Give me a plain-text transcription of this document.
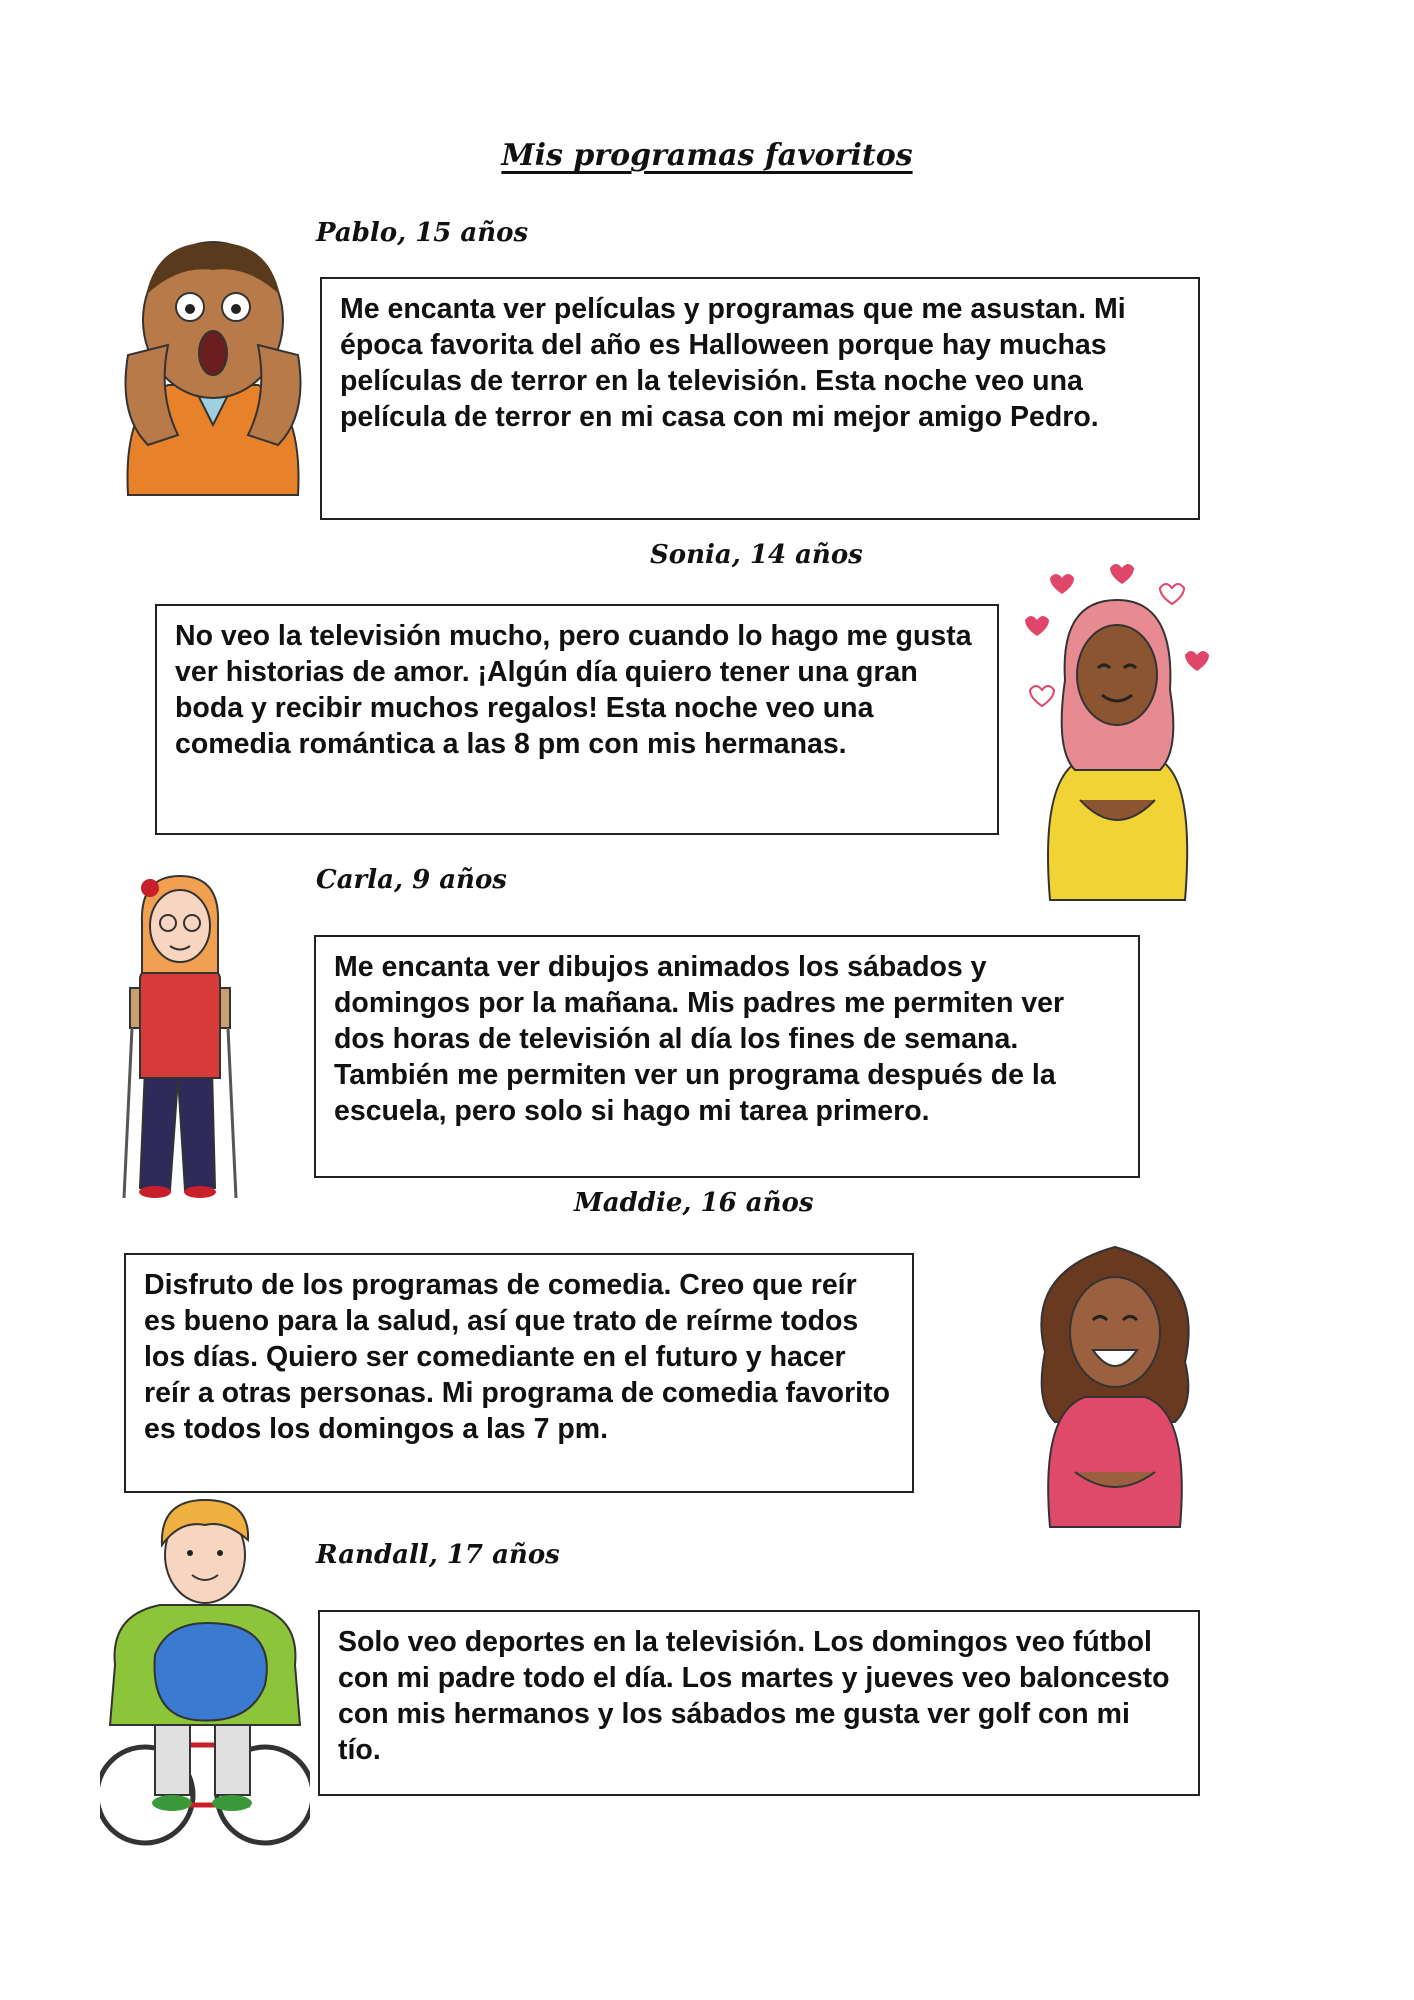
Mis programas favoritos
Pablo, 15 años
Me encanta ver películas y programas que me asustan. Mi época favorita del año es Halloween porque hay muchas películas de terror en la televisión. Esta noche veo una película de terror en mi casa con mi mejor amigo Pedro.
Sonia, 14 años
No veo la televisión mucho, pero cuando lo hago me gusta ver historias de amor. ¡Algún día quiero tener una gran boda y recibir muchos regalos! Esta noche veo una comedia romántica a las 8 pm con mis hermanas.
Carla, 9 años
Me encanta ver dibujos animados los sábados y domingos por la mañana. Mis padres me permiten ver dos horas de televisión al día los fines de semana. También me permiten ver un programa después de la escuela, pero solo si hago mi tarea primero.
Maddie, 16 años
Disfruto de los programas de comedia. Creo que reír es bueno para la salud, así que trato de reírme todos los días. Quiero ser comediante en el futuro y hacer reír a otras personas. Mi programa de comedia favorito es todos los domingos a las 7 pm.
Randall, 17 años
Solo veo deportes en la televisión. Los domingos veo fútbol con mi padre todo el día. Los martes y jueves veo baloncesto con mis hermanos y los sábados me gusta ver golf con mi tío.
